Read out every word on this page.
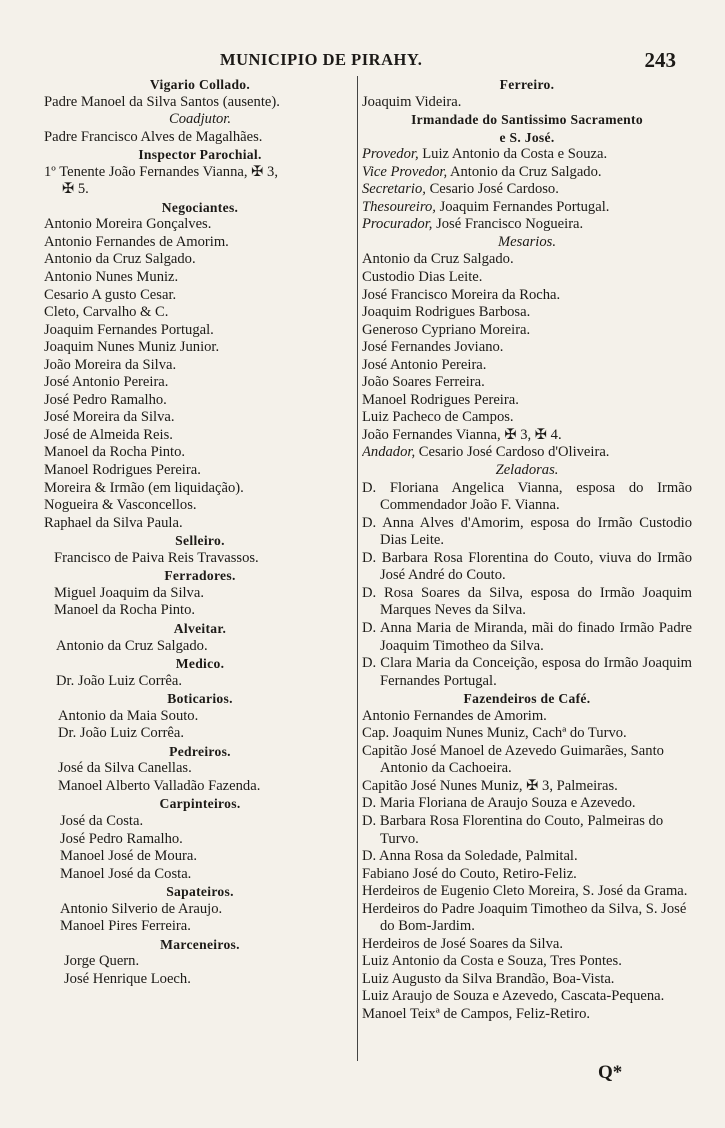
MUNICIPIO DE PIRAHY.	243
Vigario Collado.
Padre Manoel da Silva Santos (ausente).
Coadjutor.
Padre Francisco Alves de Magalhães.
Inspector Parochial.
1º Tenente João Fernandes Vianna, ✠ 3,
✠ 5.
Negociantes.
Antonio Moreira Gonçalves.
Antonio Fernandes de Amorim.
Antonio da Cruz Salgado.
Antonio Nunes Muniz.
Cesario A gusto Cesar.
Cleto, Carvalho & C.
Joaquim Fernandes Portugal.
Joaquim Nunes Muniz Junior.
João Moreira da Silva.
José Antonio Pereira.
José Pedro Ramalho.
José Moreira da Silva.
José de Almeida Reis.
Manoel da Rocha Pinto.
Manoel Rodrigues Pereira.
Moreira & Irmão (em liquidação).
Nogueira & Vasconcellos.
Raphael da Silva Paula.
Selleiro.
Francisco de Paiva Reis Travassos.
Ferradores.
Miguel Joaquim da Silva.
Manoel da Rocha Pinto.
Alveitar.
Antonio da Cruz Salgado.
Medico.
Dr. João Luiz Corrêa.
Boticarios.
Antonio da Maia Souto.
Dr. João Luiz Corrêa.
Pedreiros.
José da Silva Canellas.
Manoel Alberto Valladão Fazenda.
Carpinteiros.
José da Costa.
José Pedro Ramalho.
Manoel José de Moura.
Manoel José da Costa.
Sapateiros.
Antonio Silverio de Araujo.
Manoel Pires Ferreira.
Marceneiros.
Jorge Quern.
José Henrique Loech.
Ferreiro.
Joaquim Videira.
Irmandade do Santissimo Sacramento
e S. José.
Provedor, Luiz Antonio da Costa e Souza.
Vice Provedor, Antonio da Cruz Salgado.
Secretario, Cesario José Cardoso.
Thesoureiro, Joaquim Fernandes Portugal.
Procurador, José Francisco Nogueira.
Mesarios.
Antonio da Cruz Salgado.
Custodio Dias Leite.
José Francisco Moreira da Rocha.
Joaquim Rodrigues Barbosa.
Generoso Cypriano Moreira.
José Fernandes Joviano.
José Antonio Pereira.
João Soares Ferreira.
Manoel Rodrigues Pereira.
Luiz Pacheco de Campos.
João Fernandes Vianna, ✠ 3, ✠ 4.
Andador, Cesario José Cardoso d'Oliveira.
Zeladoras.
D. Floriana Angelica Vianna, esposa do Irmão Commendador João F. Vianna.
D. Anna Alves d'Amorim, esposa do Irmão Custodio Dias Leite.
D. Barbara Rosa Florentina do Couto, viuva do Irmão José André do Couto.
D. Rosa Soares da Silva, esposa do Irmão Joaquim Marques Neves da Silva.
D. Anna Maria de Miranda, mãi do finado Irmão Padre Joaquim Timotheo da Silva.
D. Clara Maria da Conceição, esposa do Irmão Joaquim Fernandes Portugal.
Fazendeiros de Café.
Antonio Fernandes de Amorim.
Cap. Joaquim Nunes Muniz, Cachª do Turvo.
Capitão José Manoel de Azevedo Guimarães, Santo Antonio da Cachoeira.
Capitão José Nunes Muniz, ✠ 3, Palmeiras.
D. Maria Floriana de Araujo Souza e Azevedo.
D. Barbara Rosa Florentina do Couto, Palmeiras do Turvo.
D. Anna Rosa da Soledade, Palmital.
Fabiano José do Couto, Retiro-Feliz.
Herdeiros de Eugenio Cleto Moreira, S. José da Grama.
Herdeiros do Padre Joaquim Timotheo da Silva, S. José do Bom-Jardim.
Herdeiros de José Soares da Silva.
Luiz Antonio da Costa e Souza, Tres Pontes.
Luiz Augusto da Silva Brandão, Boa-Vista.
Luiz Araujo de Souza e Azevedo, Cascata-Pequena.
Manoel Teixª de Campos, Feliz-Retiro.
Q*
